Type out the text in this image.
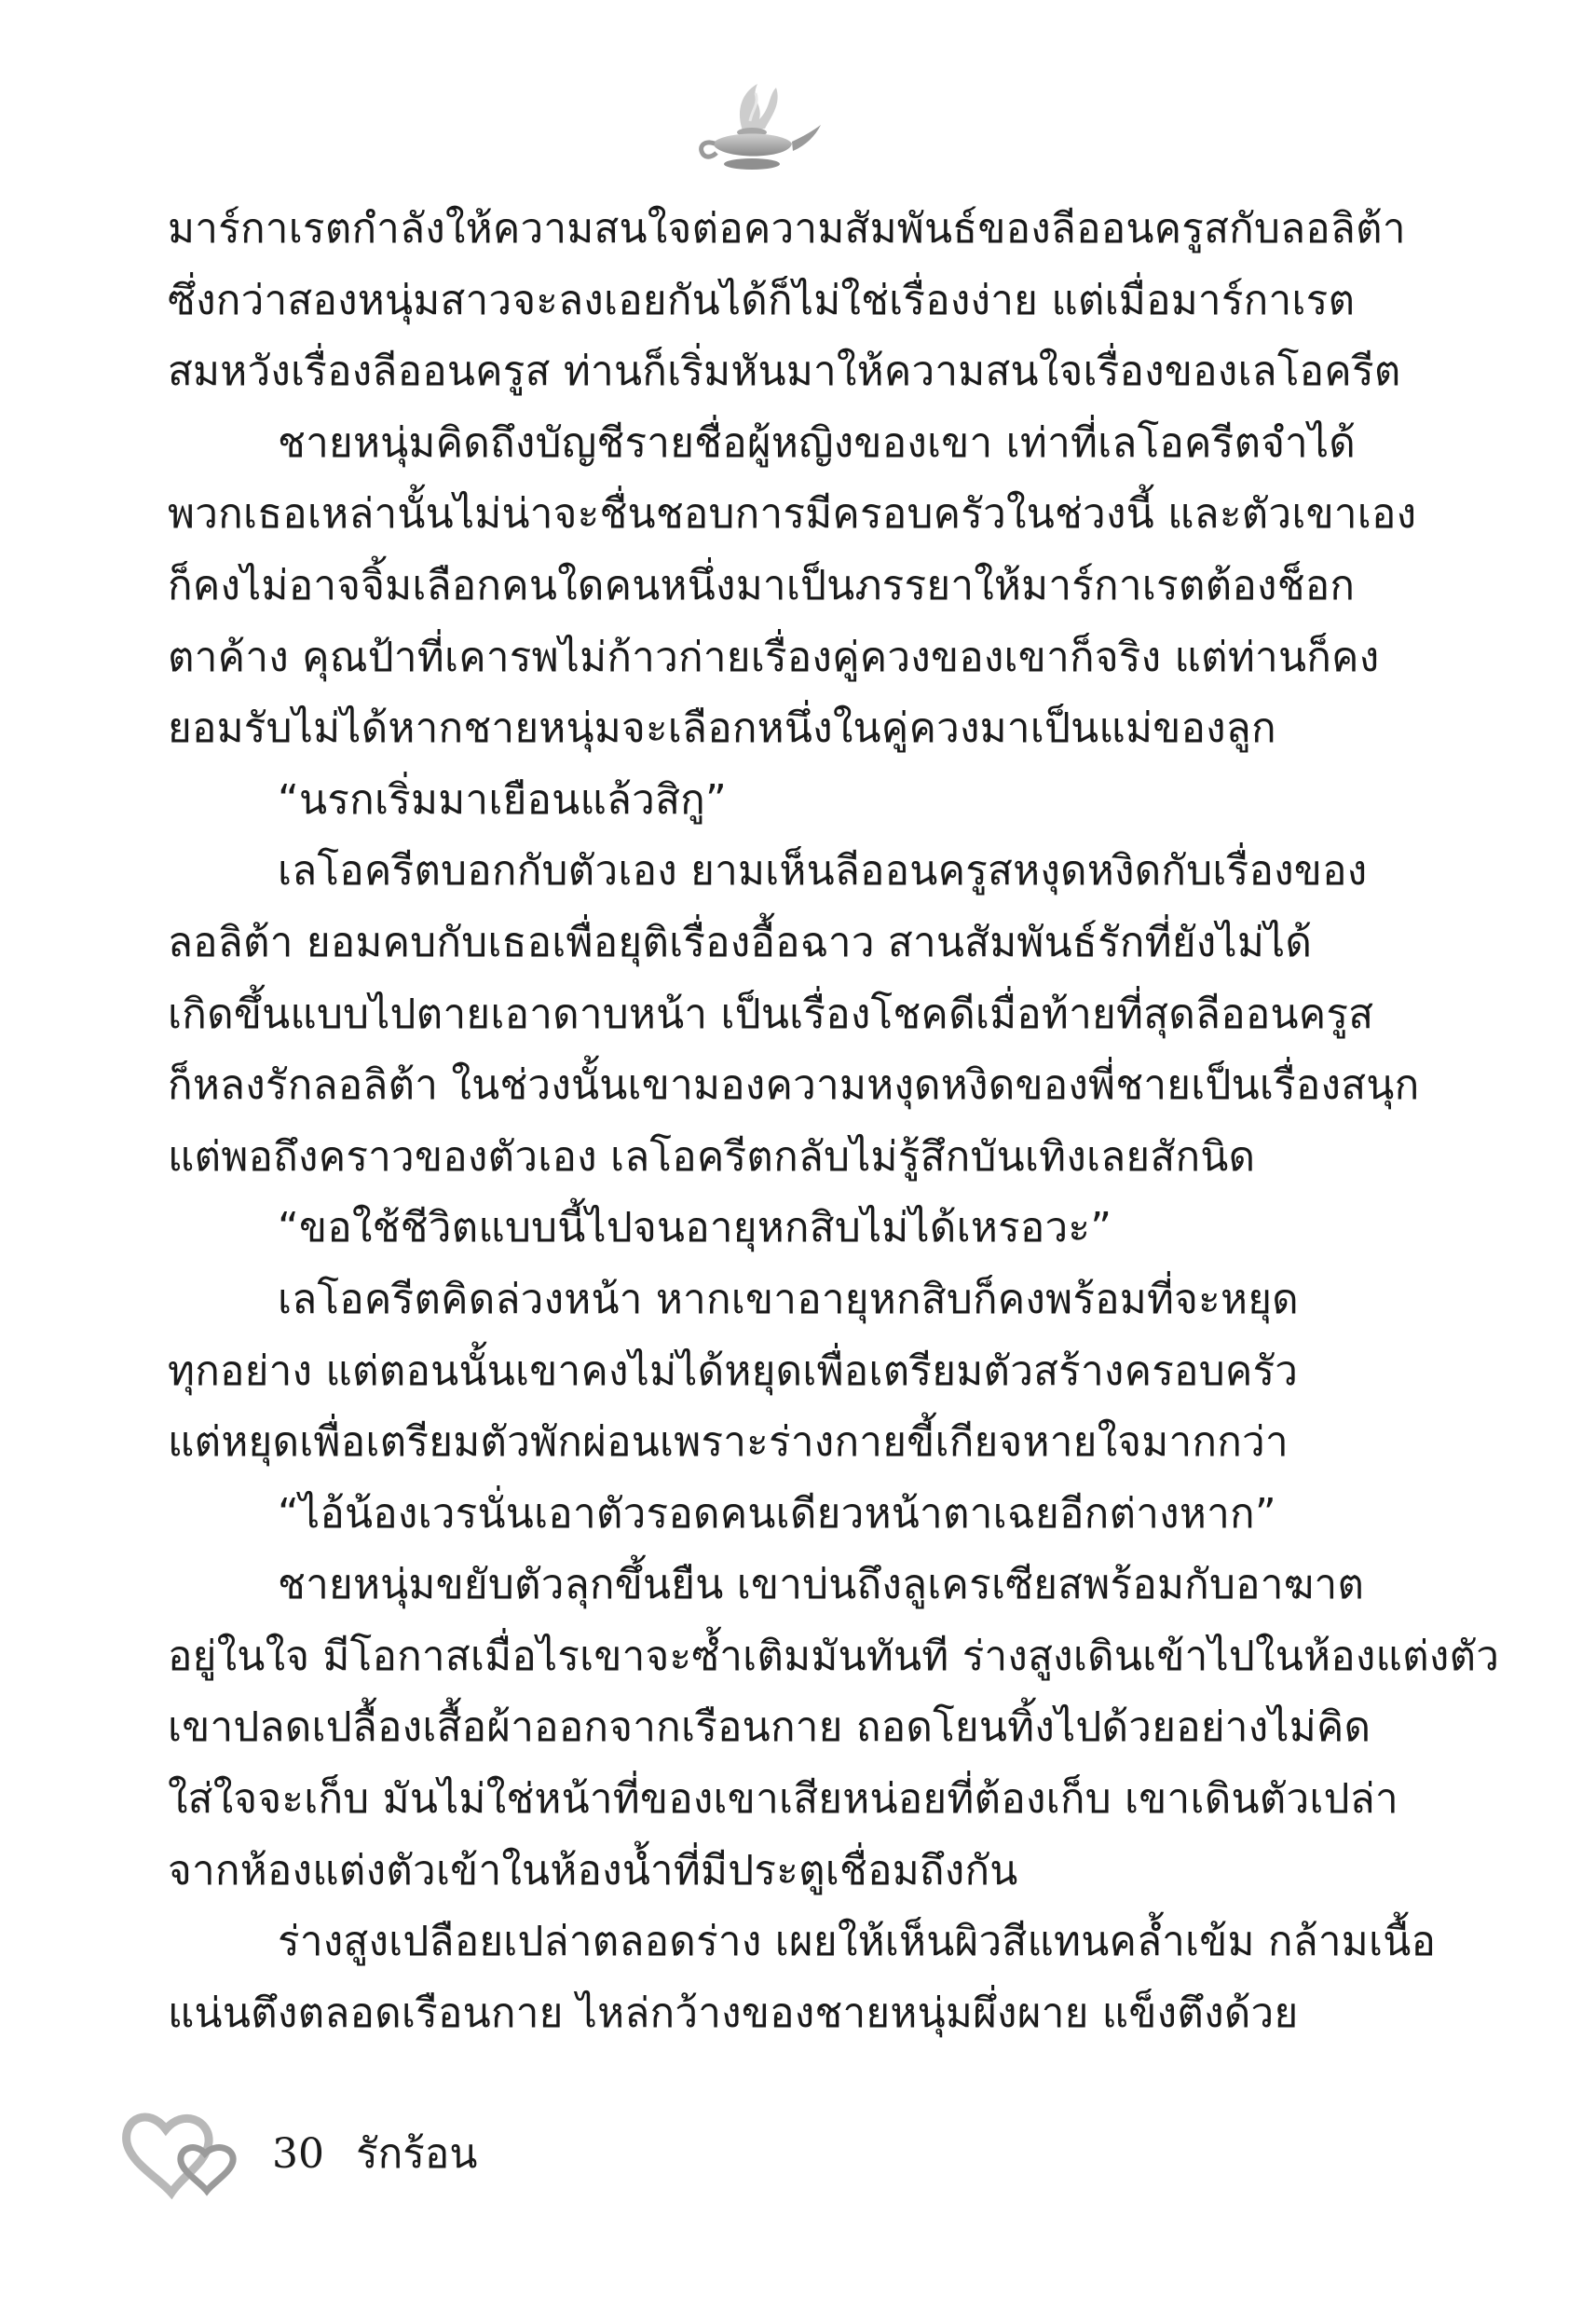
มาร์กาเรตกำลังให้ความสนใจต่อความสัมพันธ์ของลีออนครูสกับลอลิต้า
ซึ่งกว่าสองหนุ่มสาวจะลงเอยกันได้ก็ไม่ใช่เรื่องง่าย แต่เมื่อมาร์กาเรต
สมหวังเรื่องลีออนครูส ท่านก็เริ่มหันมาให้ความสนใจเรื่องของเลโอครีต
ชายหนุ่มคิดถึงบัญชีรายชื่อผู้หญิงของเขา เท่าที่เลโอครีตจำได้
พวกเธอเหล่านั้นไม่น่าจะชื่นชอบการมีครอบครัวในช่วงนี้ และตัวเขาเอง
ก็คงไม่อาจจิ้มเลือกคนใดคนหนึ่งมาเป็นภรรยาให้มาร์กาเรตต้องช็อก
ตาค้าง คุณป้าที่เคารพไม่ก้าวก่ายเรื่องคู่ควงของเขาก็จริง แต่ท่านก็คง
ยอมรับไม่ได้หากชายหนุ่มจะเลือกหนึ่งในคู่ควงมาเป็นแม่ของลูก
“นรกเริ่มมาเยือนแล้วสิกู”
เลโอครีตบอกกับตัวเอง ยามเห็นลีออนครูสหงุดหงิดกับเรื่องของ
ลอลิต้า ยอมคบกับเธอเพื่อยุติเรื่องอื้อฉาว สานสัมพันธ์รักที่ยังไม่ได้
เกิดขึ้นแบบไปตายเอาดาบหน้า เป็นเรื่องโชคดีเมื่อท้ายที่สุดลีออนครูส
ก็หลงรักลอลิต้า ในช่วงนั้นเขามองความหงุดหงิดของพี่ชายเป็นเรื่องสนุก
แต่พอถึงคราวของตัวเอง เลโอครีตกลับไม่รู้สึกบันเทิงเลยสักนิด
“ขอใช้ชีวิตแบบนี้ไปจนอายุหกสิบไม่ได้เหรอวะ”
เลโอครีตคิดล่วงหน้า หากเขาอายุหกสิบก็คงพร้อมที่จะหยุด
ทุกอย่าง แต่ตอนนั้นเขาคงไม่ได้หยุดเพื่อเตรียมตัวสร้างครอบครัว
แต่หยุดเพื่อเตรียมตัวพักผ่อนเพราะร่างกายขี้เกียจหายใจมากกว่า
“ไอ้น้องเวรนั่นเอาตัวรอดคนเดียวหน้าตาเฉยอีกต่างหาก”
ชายหนุ่มขยับตัวลุกขึ้นยืน เขาบ่นถึงลูเครเซียสพร้อมกับอาฆาต
อยู่ในใจ มีโอกาสเมื่อไรเขาจะซ้ำเติมมันทันที ร่างสูงเดินเข้าไปในห้องแต่งตัว
เขาปลดเปลื้องเสื้อผ้าออกจากเรือนกาย ถอดโยนทิ้งไปด้วยอย่างไม่คิด
ใส่ใจจะเก็บ มันไม่ใช่หน้าที่ของเขาเสียหน่อยที่ต้องเก็บ เขาเดินตัวเปล่า
จากห้องแต่งตัวเข้าในห้องน้ำที่มีประตูเชื่อมถึงกัน
ร่างสูงเปลือยเปล่าตลอดร่าง เผยให้เห็นผิวสีแทนคล้ำเข้ม กล้ามเนื้อ
แน่นตึงตลอดเรือนกาย ไหล่กว้างของชายหนุ่มผึ่งผาย แข็งตึงด้วย
30 รักร้อน
